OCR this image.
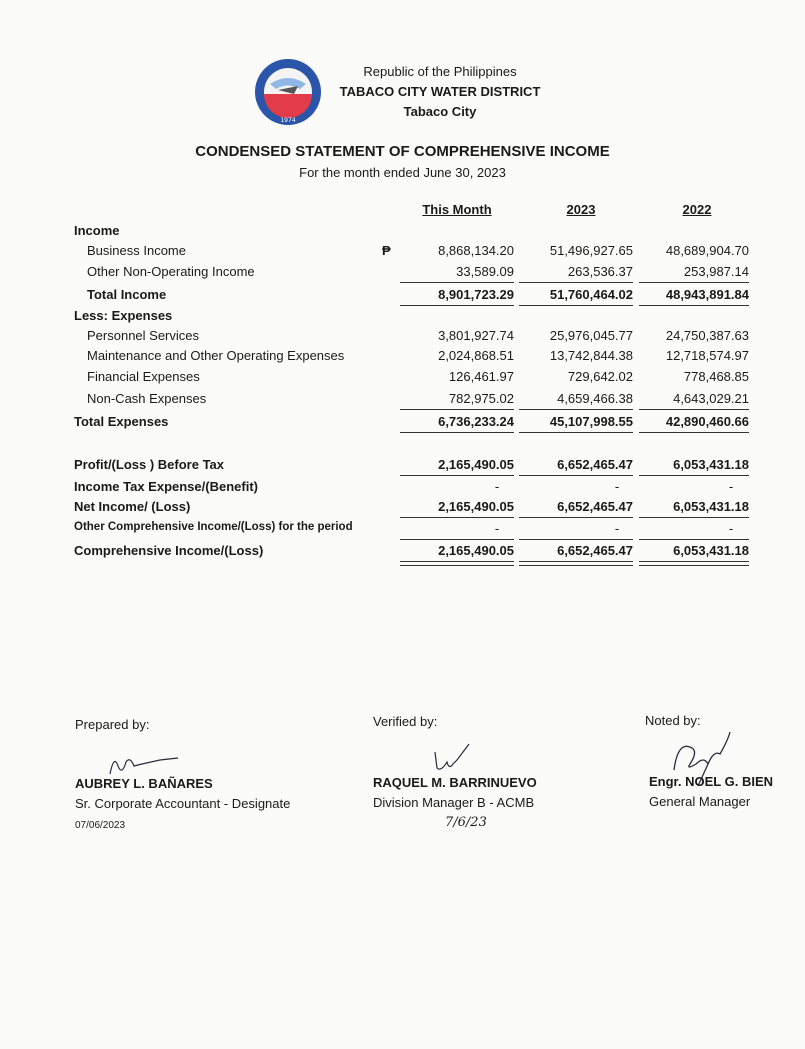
1974
Republic of the Philippines
TABACO CITY WATER DISTRICT
Tabaco City
CONDENSED STATEMENT OF COMPREHENSIVE INCOME
For the month ended June 30, 2023
This Month	2023	2022
Income
Business Income	₱	8,868,134.20	51,496,927.65	48,689,904.70
Other Non-Operating Income	33,589.09	263,536.37	253,987.14
Total Income	8,901,723.29	51,760,464.02	48,943,891.84
Less: Expenses
Personnel Services	3,801,927.74	25,976,045.77	24,750,387.63
Maintenance and Other Operating Expenses	2,024,868.51	13,742,844.38	12,718,574.97
Financial Expenses	126,461.97	729,642.02	778,468.85
Non-Cash Expenses	782,975.02	4,659,466.38	4,643,029.21
Total Expenses	6,736,233.24	45,107,998.55	42,890,460.66
Profit/(Loss ) Before Tax	2,165,490.05	6,652,465.47	6,053,431.18
Income Tax Expense/(Benefit)	-	-	-
Net Income/ (Loss)	2,165,490.05	6,652,465.47	6,053,431.18
Other Comprehensive Income/(Loss) for the period	-	-	-
Comprehensive Income/(Loss)	2,165,490.05	6,652,465.47	6,053,431.18
Prepared by:	Verified by:	Noted by:
AUBREY L. BAÑARES
Sr. Corporate Accountant - Designate
07/06/2023
RAQUEL M. BARRINUEVO
Division Manager B - ACMB
7/6/23
Engr. NOEL G. BIEN
General Manager
